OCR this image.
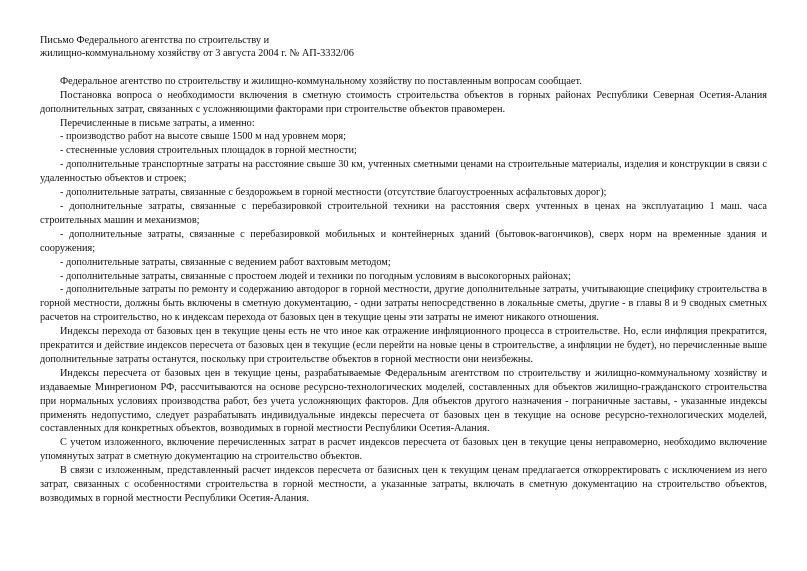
Письмо Федерального агентства по строительству и
жилищно-коммунальному хозяйству от 3 августа 2004 г. № АП-3332/06

Федеральное агентство по строительству и жилищно-коммунальному хозяйству по поставленным вопросам сообщает.

Постановка вопроса о необходимости включения в сметную стоимость строительства объектов в горных районах Республики Северная Осетия-Алания дополнительных затрат, связанных с усложняющими факторами при строительстве объектов правомерен.

Перечисленные в письме затраты, а именно:

- производство работ на высоте свыше 1500 м над уровнем моря;
- стесненные условия строительных площадок в горной местности;
- дополнительные транспортные затраты на расстояние свыше 30 км, учтенных сметными ценами на строительные материалы, изделия и конструкции в связи с удаленностью объектов и строек;
- дополнительные затраты, связанные с бездорожьем в горной местности (отсутствие благоустроенных асфальтовых дорог);
- дополнительные затраты, связанные с перебазировкой строительной техники на расстояния сверх учтенных в ценах на эксплуатацию 1 маш. часа строительных машин и механизмов;
- дополнительные затраты, связанные с перебазировкой мобильных и контейнерных зданий (бытовок-вагончиков), сверх норм на временные здания и сооружения;
- дополнительные затраты, связанные с ведением работ вахтовым методом;
- дополнительные затраты, связанные с простоем людей и техники по погодным условиям в высокогорных районах;
- дополнительные затраты по ремонту и содержанию автодорог в горной местности, другие дополнительные затраты, учитывающие специфику строительства в горной местности, должны быть включены в сметную документацию, - одни затраты непосредственно в локальные сметы, другие - в главы 8 и 9 сводных сметных расчетов на строительство, но к индексам перехода от базовых цен в текущие цены эти затраты не имеют никакого отношения.

Индексы перехода от базовых цен в текущие цены есть не что иное как отражение инфляционного процесса в строительстве. Но, если инфляция прекратится, прекратится и действие индексов пересчета от базовых цен в текущие (если перейти на новые цены в строительстве, а инфляции не будет), но перечисленные выше дополнительные затраты останутся, поскольку при строительстве объектов в горной местности они неизбежны.

Индексы пересчета от базовых цен в текущие цены, разрабатываемые Федеральным агентством по строительству и жилищно-коммунальному хозяйству и издаваемые Минрегионом РФ, рассчитываются на основе ресурсно-технологических моделей, составленных для объектов жилищно-гражданского строительства при нормальных условиях производства работ, без учета усложняющих факторов. Для объектов другого назначения - пограничные заставы, - указанные индексы применять недопустимо, следует разрабатывать индивидуальные индексы пересчета от базовых цен в текущие на основе ресурсно-технологических моделей, составленных для конкретных объектов, возводимых в горной местности Республики Осетия-Алания.

С учетом изложенного, включение перечисленных затрат в расчет индексов пересчета от базовых цен в текущие цены неправомерно, необходимо включение упомянутых затрат в сметную документацию на строительство объектов.

В связи с изложенным, представленный расчет индексов пересчета от базисных цен к текущим ценам предлагается откорректировать с исключением из него затрат, связанных с особенностями строительства в горной местности, а указанные затраты, включать в сметную документацию на строительство объектов, возводимых в горной местности Республики Осетия-Алания.
